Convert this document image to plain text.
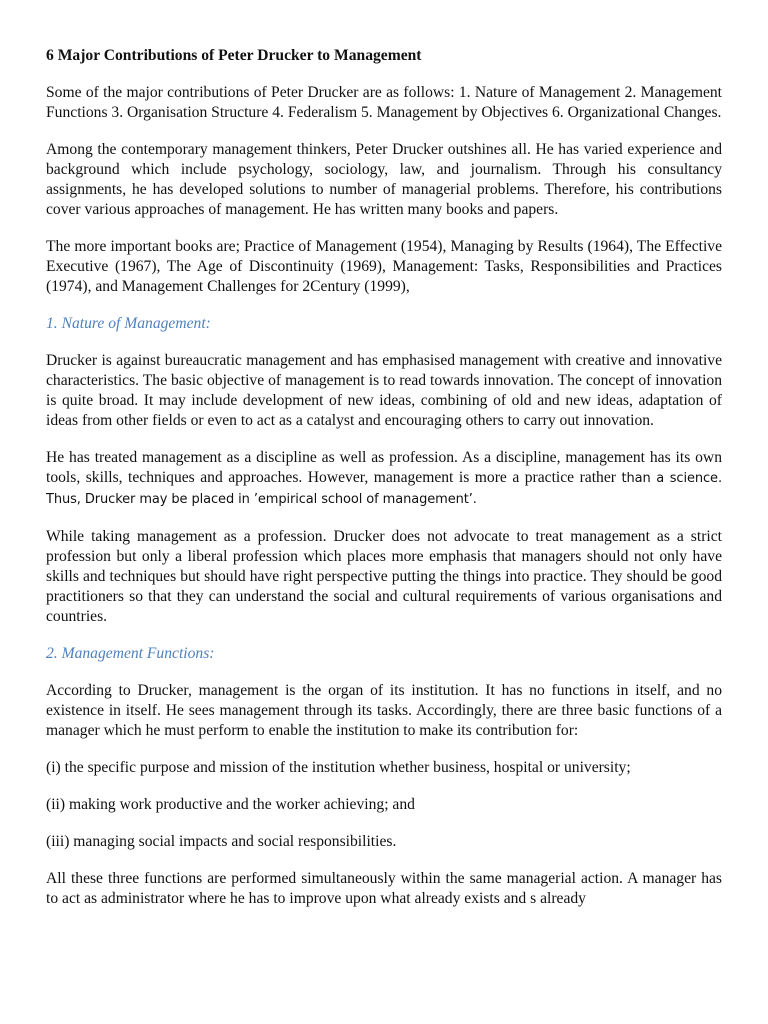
6 Major Contributions of Peter Drucker to Management

Some of the major contributions of Peter Drucker are as follows: 1. Nature of Management 2. Management Functions 3. Organisation Structure 4. Federalism 5. Management by Objectives 6. Organizational Changes.

Among the contemporary management thinkers, Peter Drucker outshines all. He has varied experience and background which include psychology, sociology, law, and journalism. Through his consultancy assignments, he has developed solutions to number of managerial problems. Therefore, his contributions cover various approaches of management. He has written many books and papers.

The more important books are; Practice of Management (1954), Managing by Results (1964), The Effective Executive (1967), The Age of Discontinuity (1969), Management: Tasks, Responsibilities and Practices (1974), and Management Challenges for 2Century (1999),

1. Nature of Management:

Drucker is against bureaucratic management and has emphasised management with creative and innovative characteristics. The basic objective of management is to read towards innovation. The concept of innovation is quite broad. It may include development of new ideas, combining of old and new ideas, adaptation of ideas from other fields or even to act as a catalyst and encouraging others to carry out innovation.

He has treated management as a discipline as well as profession. As a discipline, management has its own tools, skills, techniques and approaches. However, management is more a practice rather than a science. Thus, Drucker may be placed in ’empirical school of management’.

While taking management as a profession. Drucker does not advocate to treat management as a strict profession but only a liberal profession which places more emphasis that managers should not only have skills and techniques but should have right perspective putting the things into practice. They should be good practitioners so that they can understand the social and cultural requirements of various organisations and countries.

2. Management Functions:

According to Drucker, management is the organ of its institution. It has no functions in itself, and no existence in itself. He sees management through its tasks. Accordingly, there are three basic functions of a manager which he must perform to enable the institution to make its contribution for:

(i) the specific purpose and mission of the institution whether business, hospital or university;

(ii) making work productive and the worker achieving; and

(iii) managing social impacts and social responsibilities.

All these three functions are performed simultaneously within the same managerial action. A manager has to act as administrator where he has to improve upon what already exists and s already
